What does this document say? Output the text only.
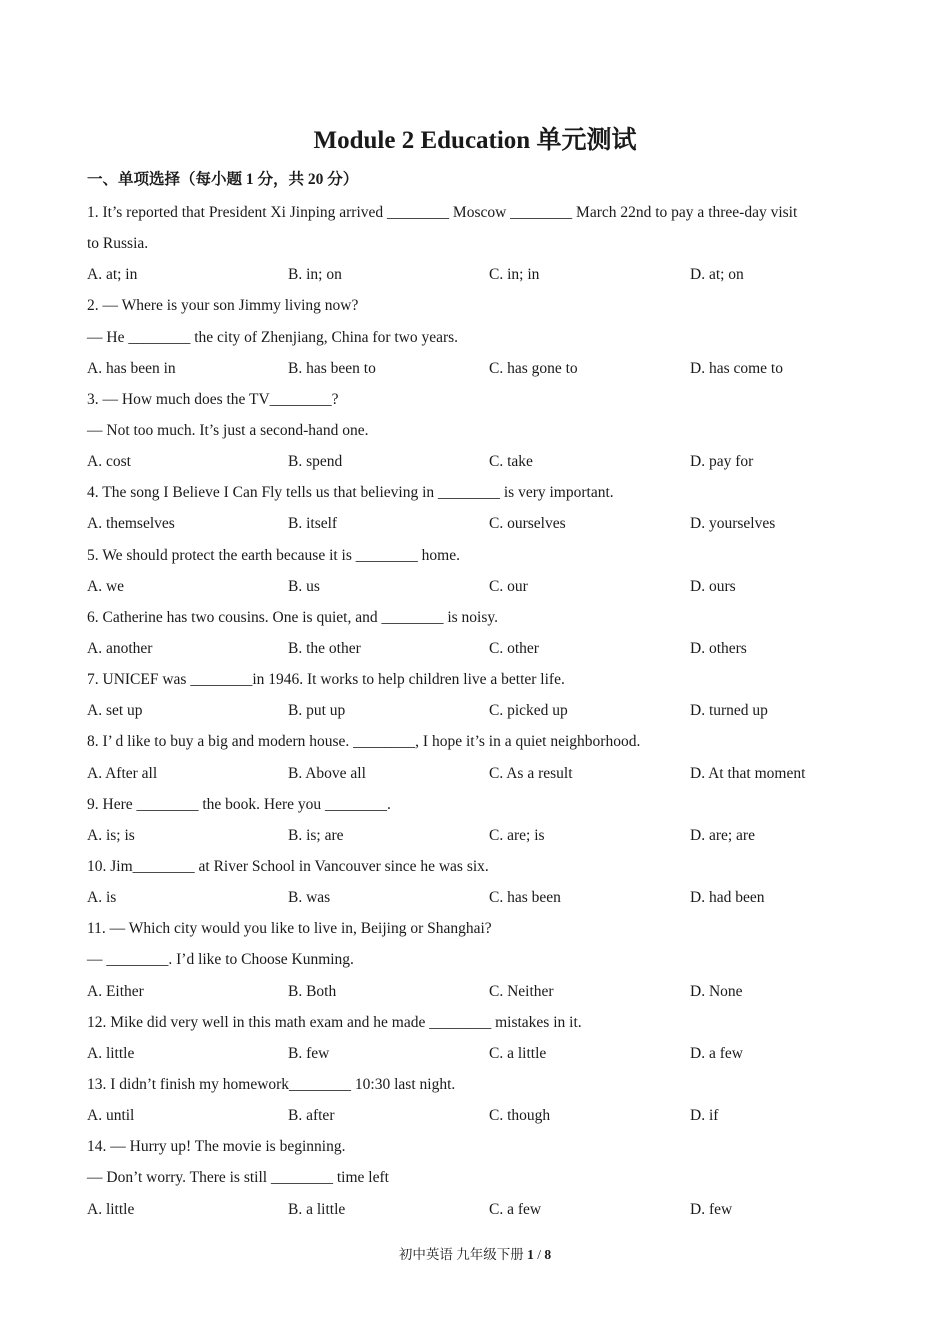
Module 2 Education 单元测试
一、单项选择（每小题 1 分，共 20 分）
1. It’s reported that President Xi Jinping arrived ________ Moscow ________ March 22nd to pay a three-day visit
to Russia.
A. at; in	B. in; on	C. in; in	D. at; on
2. — Where is your son Jimmy living now?
— He ________ the city of Zhenjiang, China for two years.
A. has been in	B. has been to	C. has gone to	D. has come to
3. — How much does the TV________?
— Not too much. It’s just a second-hand one.
A. cost	B. spend	C. take	D. pay for
4. The song I Believe I Can Fly tells us that believing in ________ is very important.
A. themselves	B. itself	C. ourselves	D. yourselves
5. We should protect the earth because it is ________ home.
A. we	B. us	C. our	D. ours
6. Catherine has two cousins. One is quiet, and ________ is noisy.
A. another	B. the other	C. other	D. others
7. UNICEF was ________in 1946. It works to help children live a better life.
A. set up	B. put up	C. picked up	D. turned up
8. I’ d like to buy a big and modern house. ________, I hope it’s in a quiet neighborhood.
A. After all	B. Above all	C. As a result	D. At that moment
9. Here ________ the book. Here you ________.
A. is; is	B. is; are	C. are; is	D. are; are
10. Jim________ at River School in Vancouver since he was six.
A. is	B. was	C. has been	D. had been
11. — Which city would you like to live in, Beijing or Shanghai?
— ________. I’d like to Choose Kunming.
A. Either	B. Both	C. Neither	D. None
12. Mike did very well in this math exam and he made ________ mistakes in it.
A. little	B. few	C. a little	D. a few
13. I didn’t finish my homework________ 10:30 last night.
A. until	B. after	C. though	D. if
14. — Hurry up! The movie is beginning.
— Don’t worry. There is still ________ time left
A. little	B. a little	C. a few	D. few
初中英语 九年级下册 1 / 8
